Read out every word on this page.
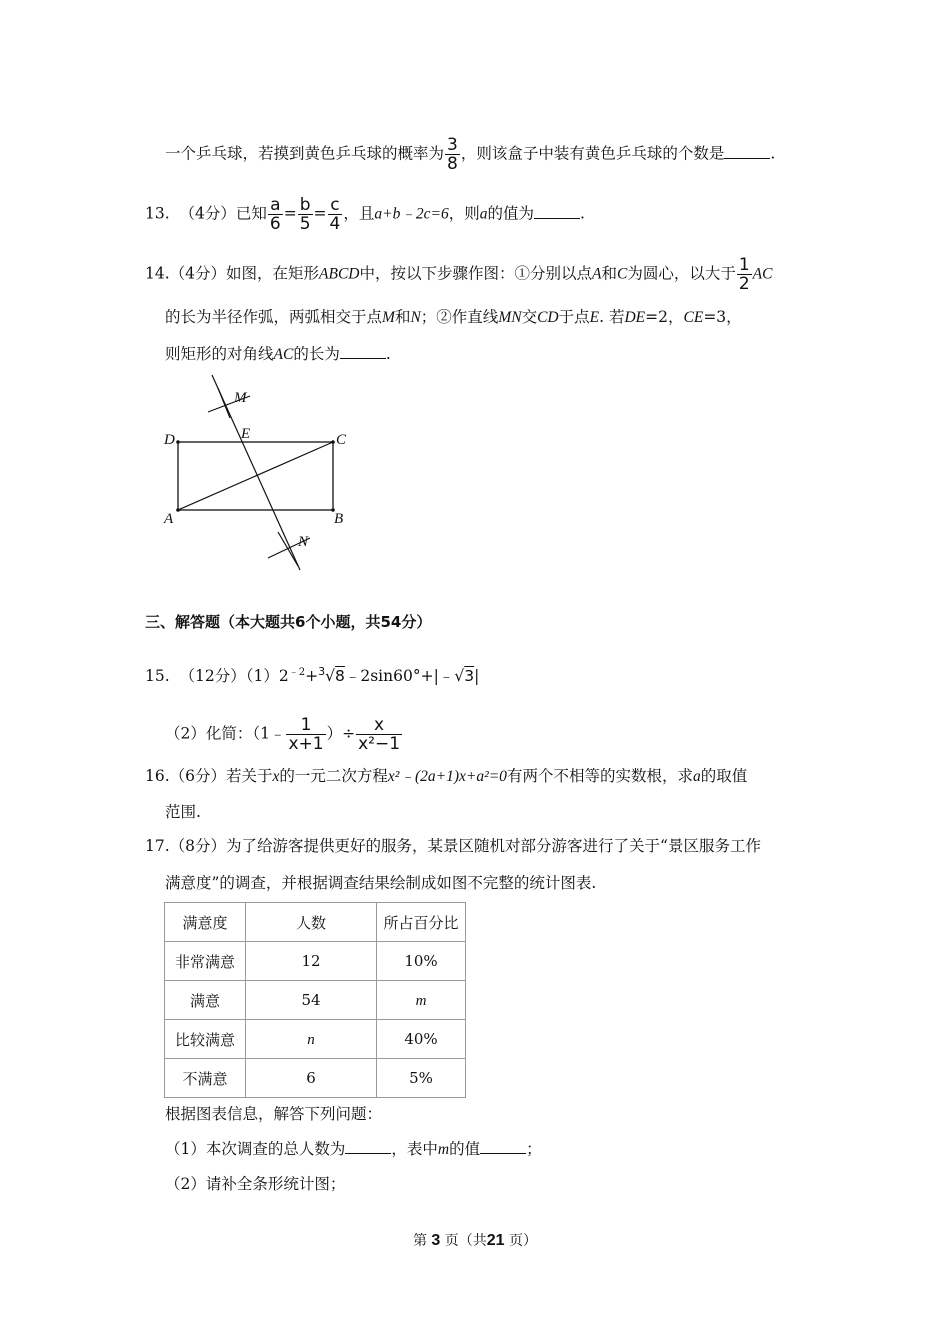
一个乒乓球，若摸到黄色乒乓球的概率为 $\frac{3}{8}$ ，则该盒子中装有黄色乒乓球的个数是	.
13. （4分）已知 $\frac{a}{6} = \frac{b}{5} = \frac{c}{4}$ ，且a+b﹣2c=6，则a的值为	.
14.（4分）如图，在矩形ABCD中，按以下步骤作图：①分别以点A和C为圆心，以大于 $\frac{1}{2}$ AC
的长为半径作弧，两弧相交于点M和N；②作直线MN交CD于点E. 若DE=2，CE=3，
则矩形的对角线AC的长为	.
M
E
D	C
A	B
N
三、解答题（本大题共6个小题，共54分）
15. （12分）$(1)2^{﹣2}+^3√8﹣2\sin 60^\circ+|﹣√3|$
（2）化简：（1﹣ $\frac{1}{x+1}$ ）÷ $\frac{x}{\text{x²−1}}$
16.（6分）若关于x的一元二次方程x²﹣(2a+1)x+a²=0有两个不相等的实数根，求a的取值
范围.
17.（8分）为了给游客提供更好的服务，某景区随机对部分游客进行了关于“景区服务工作
满意度”的调查，并根据调查结果绘制成如图不完整的统计图表.
满意度	人数	所占百分比
非常满意	12	10%
满意	54	m
比较满意	n	40%
不满意	6	5%
根据图表信息，解答下列问题：
（1）本次调查的总人数为	，表中m的值	；
（2）请补全条形统计图；
第 3 页（共21 页）
